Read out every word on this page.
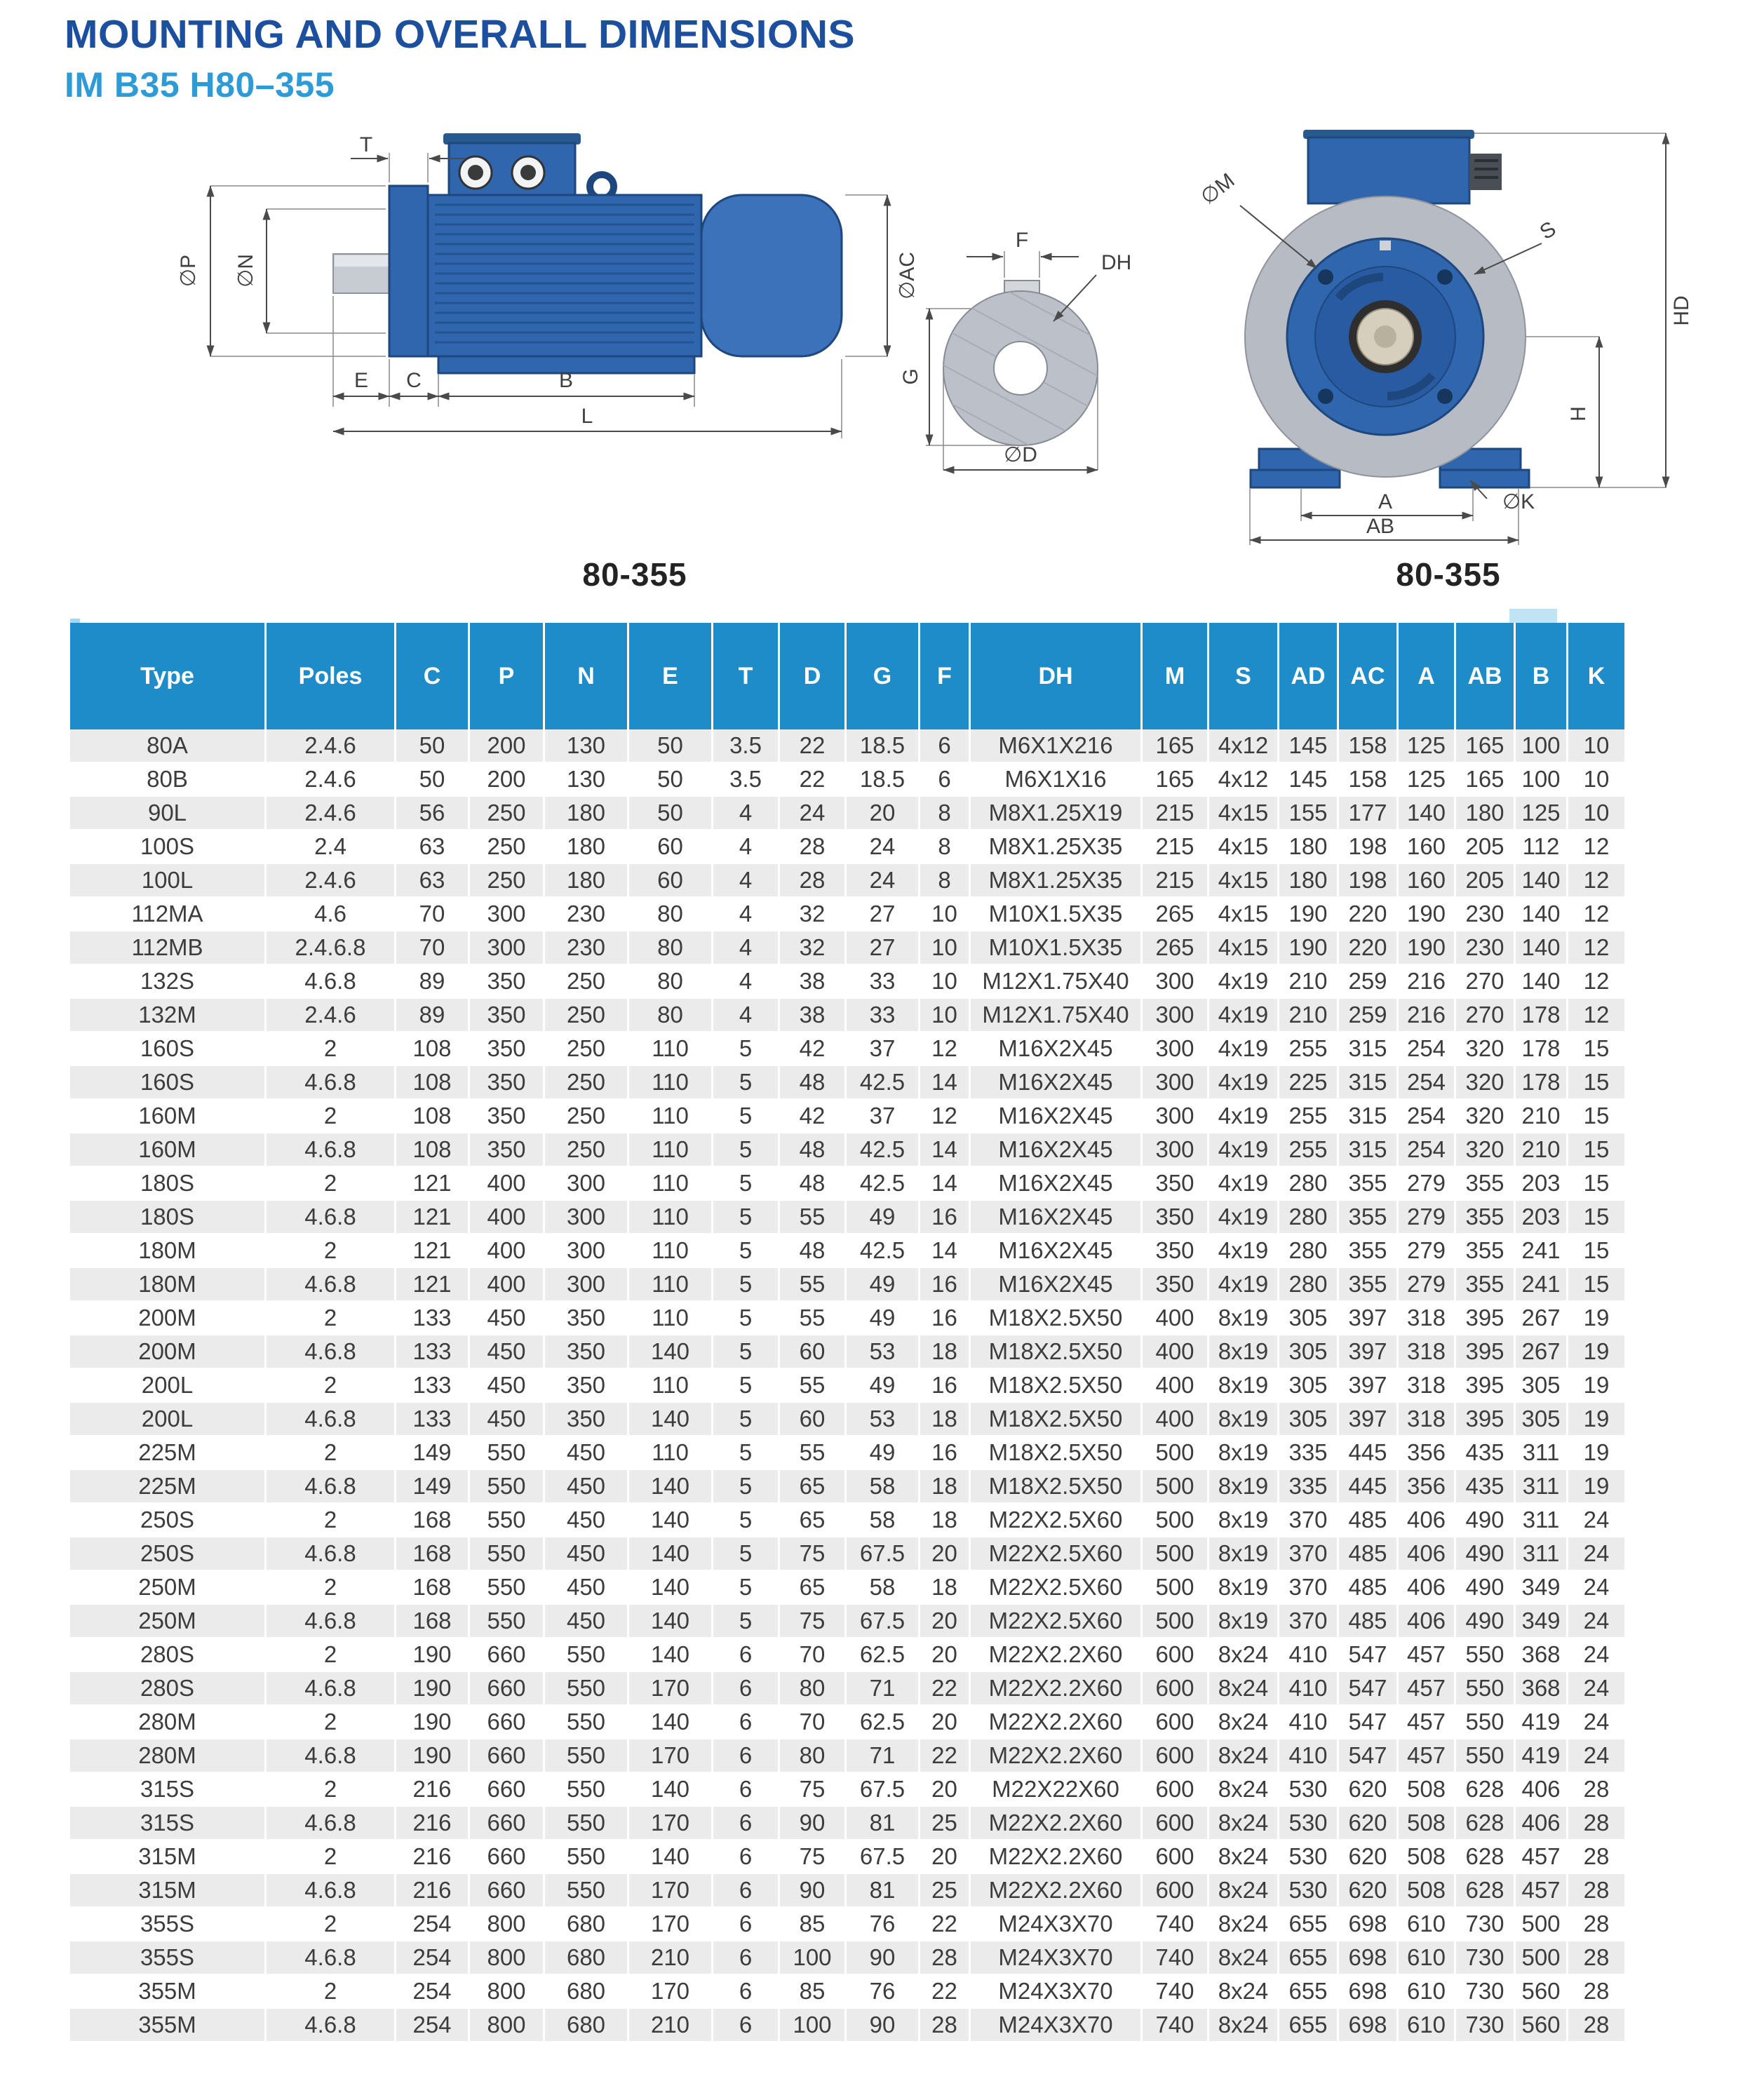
MOUNTING AND OVERALL DIMENSIONS
IM B35 H80–355
T
∅P ∅N	∅AC
E C	B
L
F
DH
G
∅D
∅M
S
HD
H
∅K
A
AB
80-355	80-355
Type	Poles	C	P	N	E	T	D	G	F	DH	M	S	AD	AC	A	AB	B	K
80A	2.4.6	50	200	130	50	3.5	22	18.5	6	M6X1X216	165	4x12	145	158	125	165	100	10
80B	2.4.6	50	200	130	50	3.5	22	18.5	6	M6X1X16	165	4x12	145	158	125	165	100	10
90L	2.4.6	56	250	180	50	4	24	20	8	M8X1.25X19	215	4x15	155	177	140	180	125	10
100S	2.4	63	250	180	60	4	28	24	8	M8X1.25X35	215	4x15	180	198	160	205	112	12
100L	2.4.6	63	250	180	60	4	28	24	8	M8X1.25X35	215	4x15	180	198	160	205	140	12
112MA	4.6	70	300	230	80	4	32	27	10	M10X1.5X35	265	4x15	190	220	190	230	140	12
112MB	2.4.6.8	70	300	230	80	4	32	27	10	M10X1.5X35	265	4x15	190	220	190	230	140	12
132S	4.6.8	89	350	250	80	4	38	33	10	M12X1.75X40	300	4x19	210	259	216	270	140	12
132M	2.4.6	89	350	250	80	4	38	33	10	M12X1.75X40	300	4x19	210	259	216	270	178	12
160S	2	108	350	250	110	5	42	37	12	M16X2X45	300	4x19	255	315	254	320	178	15
160S	4.6.8	108	350	250	110	5	48	42.5	14	M16X2X45	300	4x19	225	315	254	320	178	15
160M	2	108	350	250	110	5	42	37	12	M16X2X45	300	4x19	255	315	254	320	210	15
160M	4.6.8	108	350	250	110	5	48	42.5	14	M16X2X45	300	4x19	255	315	254	320	210	15
180S	2	121	400	300	110	5	48	42.5	14	M16X2X45	350	4x19	280	355	279	355	203	15
180S	4.6.8	121	400	300	110	5	55	49	16	M16X2X45	350	4x19	280	355	279	355	203	15
180M	2	121	400	300	110	5	48	42.5	14	M16X2X45	350	4x19	280	355	279	355	241	15
180M	4.6.8	121	400	300	110	5	55	49	16	M16X2X45	350	4x19	280	355	279	355	241	15
200M	2	133	450	350	110	5	55	49	16	M18X2.5X50	400	8x19	305	397	318	395	267	19
200M	4.6.8	133	450	350	140	5	60	53	18	M18X2.5X50	400	8x19	305	397	318	395	267	19
200L	2	133	450	350	110	5	55	49	16	M18X2.5X50	400	8x19	305	397	318	395	305	19
200L	4.6.8	133	450	350	140	5	60	53	18	M18X2.5X50	400	8x19	305	397	318	395	305	19
225M	2	149	550	450	110	5	55	49	16	M18X2.5X50	500	8x19	335	445	356	435	311	19
225M	4.6.8	149	550	450	140	5	65	58	18	M18X2.5X50	500	8x19	335	445	356	435	311	19
250S	2	168	550	450	140	5	65	58	18	M22X2.5X60	500	8x19	370	485	406	490	311	24
250S	4.6.8	168	550	450	140	5	75	67.5	20	M22X2.5X60	500	8x19	370	485	406	490	311	24
250M	2	168	550	450	140	5	65	58	18	M22X2.5X60	500	8x19	370	485	406	490	349	24
250M	4.6.8	168	550	450	140	5	75	67.5	20	M22X2.5X60	500	8x19	370	485	406	490	349	24
280S	2	190	660	550	140	6	70	62.5	20	M22X2.2X60	600	8x24	410	547	457	550	368	24
280S	4.6.8	190	660	550	170	6	80	71	22	M22X2.2X60	600	8x24	410	547	457	550	368	24
280M	2	190	660	550	140	6	70	62.5	20	M22X2.2X60	600	8x24	410	547	457	550	419	24
280M	4.6.8	190	660	550	170	6	80	71	22	M22X2.2X60	600	8x24	410	547	457	550	419	24
315S	2	216	660	550	140	6	75	67.5	20	M22X22X60	600	8x24	530	620	508	628	406	28
315S	4.6.8	216	660	550	170	6	90	81	25	M22X2.2X60	600	8x24	530	620	508	628	406	28
315M	2	216	660	550	140	6	75	67.5	20	M22X2.2X60	600	8x24	530	620	508	628	457	28
315M	4.6.8	216	660	550	170	6	90	81	25	M22X2.2X60	600	8x24	530	620	508	628	457	28
355S	2	254	800	680	170	6	85	76	22	M24X3X70	740	8x24	655	698	610	730	500	28
355S	4.6.8	254	800	680	210	6	100	90	28	M24X3X70	740	8x24	655	698	610	730	500	28
355M	2	254	800	680	170	6	85	76	22	M24X3X70	740	8x24	655	698	610	730	560	28
355M	4.6.8	254	800	680	210	6	100	90	28	M24X3X70	740	8x24	655	698	610	730	560	28
